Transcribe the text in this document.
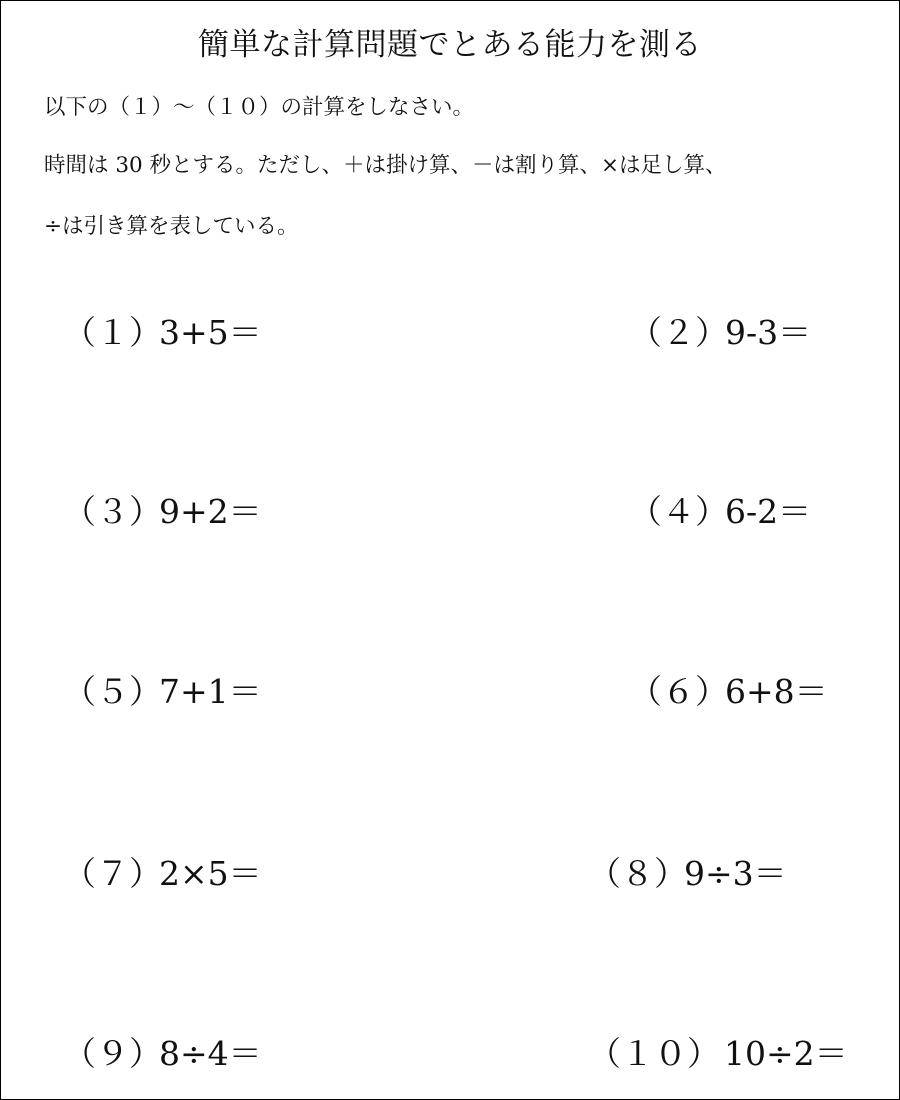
簡単な計算問題でとある能力を測る
以下の（１）～（１０）の計算をしなさい。
時間は 30 秒とする。ただし、＋は掛け算、－は割り算、×は足し算、
÷は引き算を表している。
（１）3+5＝	（２）9-3＝
（３）9+2＝	（４）6-2＝
（５）7+1＝	（６）6+8＝
（７）2×5＝	（８）9÷3＝
（９）8÷4＝	（１０） 10÷2＝
